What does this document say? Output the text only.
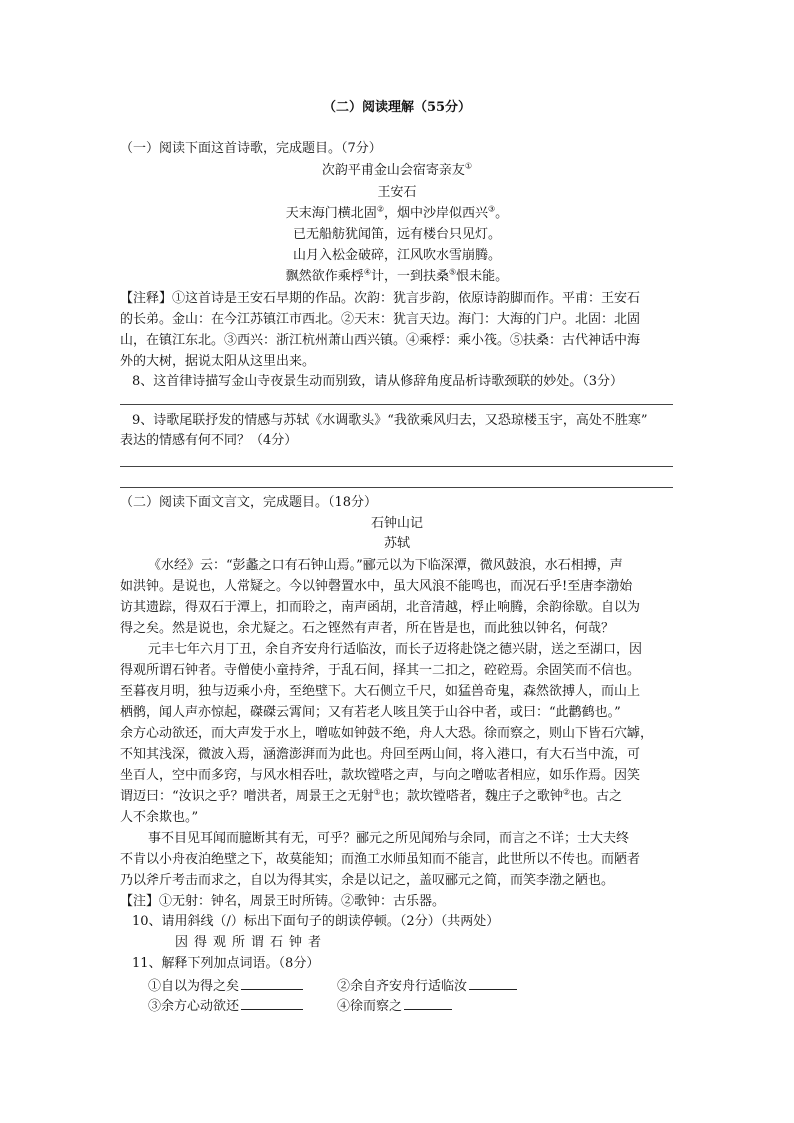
（二）阅读理解（55分）
（一）阅读下面这首诗歌，完成题目。（7分）
次韵平甫金山会宿寄亲友①
王安石
天末海门横北固②，烟中沙岸似西兴③。
已无船舫犹闻笛，远有楼台只见灯。
山月入松金破碎，江风吹水雪崩腾。
飘然欲作乘桴④计，一到扶桑⑤恨未能。
【注释】①这首诗是王安石早期的作品。次韵：犹言步韵，依原诗韵脚而作。平甫：王安石
的长弟。金山：在今江苏镇江市西北。②天末：犹言天边。海门：大海的门户。北固：北固
山，在镇江东北。③西兴：浙江杭州萧山西兴镇。④乘桴：乘小筏。⑤扶桑：古代神话中海
外的大树，据说太阳从这里出来。
8、这首律诗描写金山寺夜景生动而别致，请从修辞角度品析诗歌颈联的妙处。（3分）
9、诗歌尾联抒发的情感与苏轼《水调歌头》“我欲乘风归去，又恐琼楼玉宇，高处不胜寒”
表达的情感有何不同？（4分）
（二）阅读下面文言文，完成题目。（18分）
石钟山记
苏轼
《水经》云：“彭蠡之口有石钟山焉。”郦元以为下临深潭，微风鼓浪，水石相搏，声
如洪钟。是说也，人常疑之。今以钟磬置水中，虽大风浪不能鸣也，而况石乎!至唐李渤始
访其遗踪，得双石于潭上，扣而聆之，南声函胡，北音清越，桴止响腾，余韵徐歇。自以为
得之矣。然是说也，余尤疑之。石之铿然有声者，所在皆是也，而此独以钟名，何哉？
元丰七年六月丁丑，余自齐安舟行适临汝，而长子迈将赴饶之德兴尉，送之至湖口，因
得观所谓石钟者。寺僧使小童持斧，于乱石间，择其一二扣之，硿硿焉。余固笑而不信也。
至暮夜月明，独与迈乘小舟，至绝壁下。大石侧立千尺，如猛兽奇鬼，森然欲搏人，而山上
栖鹘，闻人声亦惊起，磔磔云霄间；又有若老人咳且笑于山谷中者，或曰：“此鹳鹤也。”
余方心动欲还，而大声发于水上，噌吰如钟鼓不绝，舟人大恐。徐而察之，则山下皆石穴罅，
不知其浅深，微波入焉，涵澹澎湃而为此也。舟回至两山间，将入港口，有大石当中流，可
坐百人，空中而多窍，与风水相吞吐，款坎镗嗒之声，与向之噌吰者相应，如乐作焉。因笑
谓迈曰：“汝识之乎？噌洪者，周景王之无射①也；款坎镗嗒者，魏庄子之歌钟②也。古之
人不余欺也。”
事不目见耳闻而臆断其有无，可乎？郦元之所见闻殆与余同，而言之不详；士大夫终
不肯以小舟夜泊绝壁之下，故莫能知；而渔工水师虽知而不能言，此世所以不传也。而陋者
乃以斧斤考击而求之，自以为得其实，余是以记之，盖叹郦元之简，而笑李渤之陋也。
【注】①无射：钟名，周景王时所铸。②歌钟：古乐器。
10、请用斜线（/）标出下面句子的朗读停顿。（2分）（共两处）
因得观所谓石钟者
11、解释下列加点词语。（8分）
①自以为得之矣	②余自齐安舟行适临汝
③余方心动欲还	④徐而察之
